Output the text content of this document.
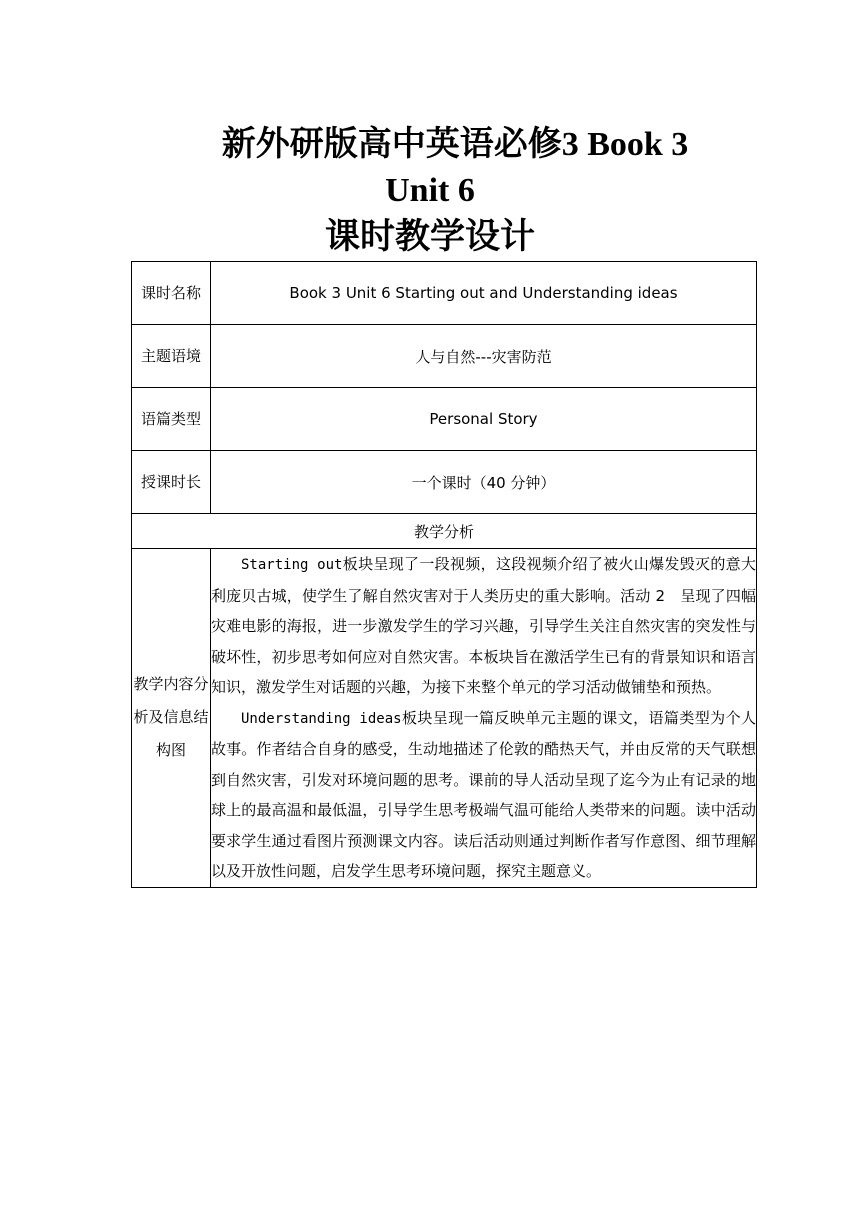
新外研版高中英语必修3 Book 3
Unit 6
课时教学设计
课时名称	Book 3 Unit 6 Starting out and Understanding ideas
主题语境	人与自然---灾害防范
语篇类型	Personal Story
授课时长	一个课时（40 分钟）
教学分析	
教学内容分析及信息结构图	Starting out板块呈现了一段视频，这段视频介绍了被火山爆发毁灭的意大利庞贝古城，使学生了解自然灾害对于人类历史的重大影响。活动 2　呈现了四幅灾难电影的海报，进一步激发学生的学习兴趣，引导学生关注自然灾害的突发性与破坏性，初步思考如何应对自然灾害。本板块旨在激活学生已有的背景知识和语言知识，激发学生对话题的兴趣，为接下来整个单元的学习活动做铺垫和预热。

Understanding ideas板块呈现一篇反映单元主题的课文，语篇类型为个人故事。作者结合自身的感受，生动地描述了伦敦的酷热天气，并由反常的天气联想到自然灾害，引发对环境问题的思考。课前的导人活动呈现了迄今为止有记录的地球上的最高温和最低温，引导学生思考极端气温可能给人类带来的问题。读中活动要求学生通过看图片预测课文内容。读后活动则通过判断作者写作意图、细节理解以及开放性问题，启发学生思考环境问题，探究主题意义。
